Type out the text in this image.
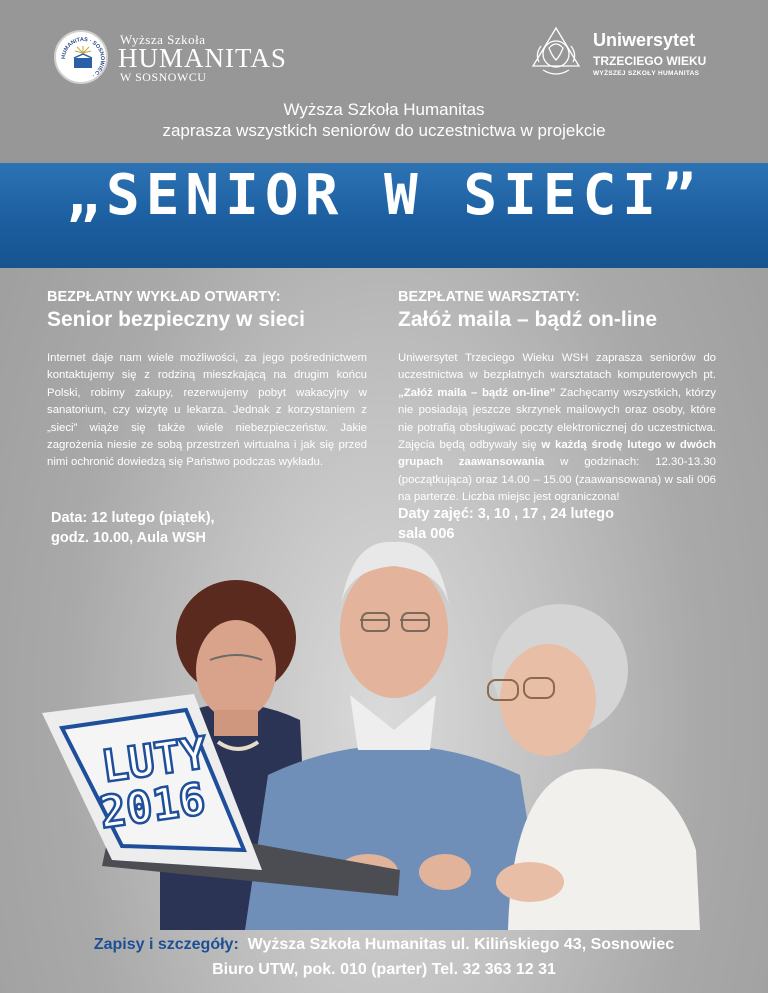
HUMANITAS · SOSNOWIEC ·
Wyższa Szkoła
HUMANITAS
W SOSNOWCU
Uniwersytet
TRZECIEGO WIEKU
WYŻSZEJ SZKOŁY HUMANITAS
Wyższa Szkoła Humanitas
zaprasza wszystkich seniorów do uczestnictwa w projekcie
„SENIOR W SIECI”
BEZPŁATNY WYKŁAD OTWARTY:
Senior bezpieczny w sieci

Internet daje nam wiele możliwości, za jego pośrednictwem kontaktujemy się z rodziną mieszkającą na drugim końcu Polski, robimy zakupy, rezerwujemy pobyt wakacyjny w sanatorium, czy wizytę u lekarza. Jednak z korzystaniem z „sieci” wiąże się także wiele niebezpieczeństw. Jakie zagrożenia niesie ze sobą przestrzeń wirtualna i jak się przed nimi ochronić dowiedzą się Państwo podczas wykładu.

BEZPŁATNE WARSZTATY:
Załóż maila – bądź on-line

Uniwersytet Trzeciego Wieku WSH zaprasza seniorów do uczestnictwa w bezpłatnych warsztatach komputerowych pt. „Załóż maila – bądź on-line” Zachęcamy wszystkich, którzy nie posiadają jeszcze skrzynek mailowych oraz osoby, które nie potrafią obsługiwać poczty elektronicznej do uczestnictwa. Zajęcia będą odbywały się w każdą środę lutego w dwóch grupach zaawansowania w godzinach: 12.30-13.30 (początkująca) oraz 14.00 – 15.00 (zaawansowana) w sali 006 na parterze. Liczba miejsc jest ograniczona!

Data: 12 lutego (piątek),
godz. 10.00, Aula WSH
Daty zajęć: 3, 10 , 17 , 24 lutego
sala 006
LUTY
2016
Zapisy i szczegóły: Wyższa Szkoła Humanitas ul. Kilińskiego 43, Sosnowiec
Biuro UTW, pok. 010 (parter) Tel. 32 363 12 31
